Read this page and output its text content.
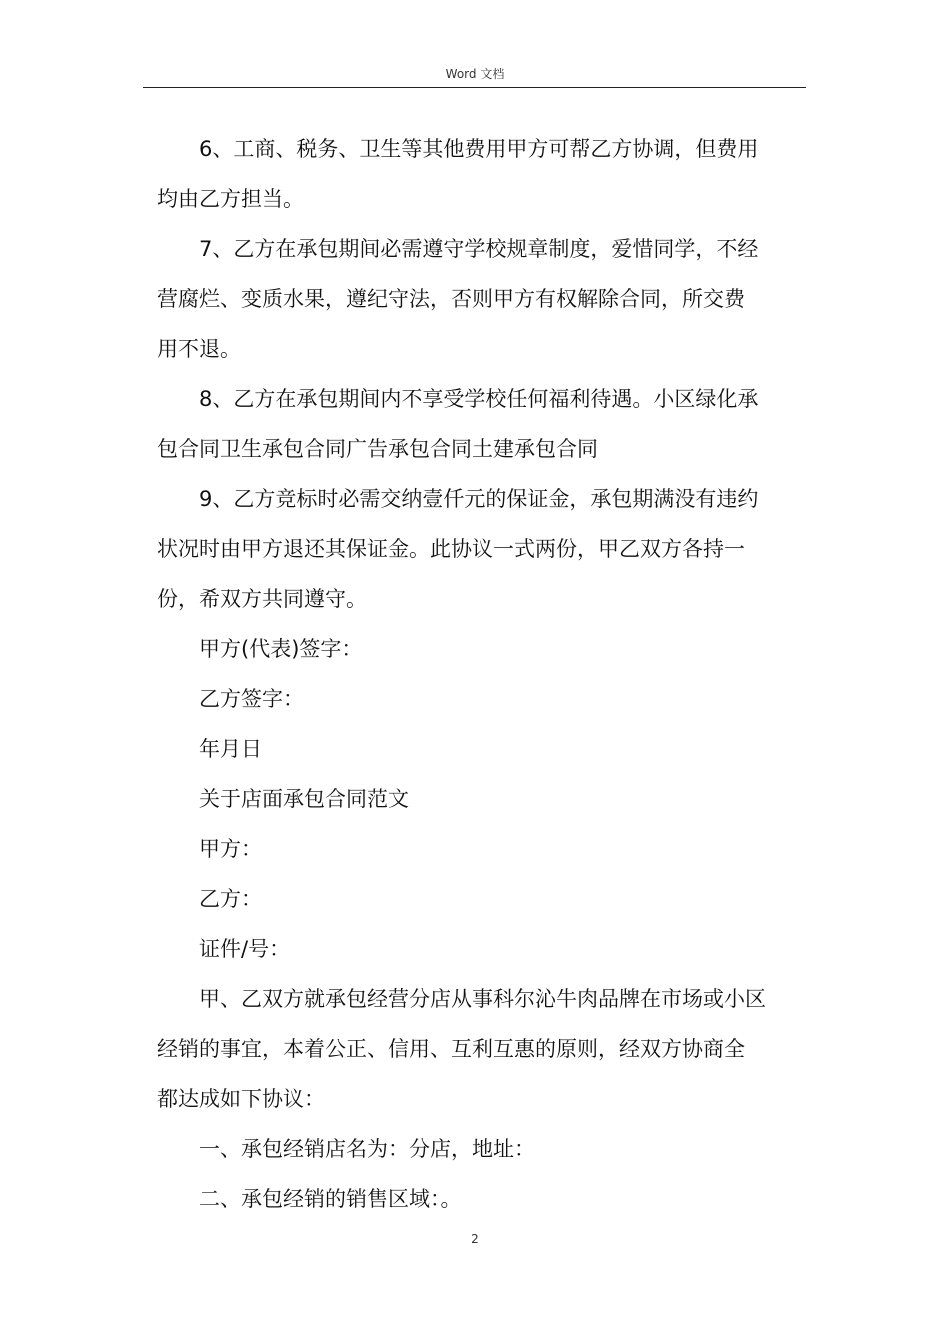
Word 文档

6、工商、税务、卫生等其他费用甲方可帮乙方协调，但费用
均由乙方担当。

7、乙方在承包期间必需遵守学校规章制度，爱惜同学，不经
营腐烂、变质水果，遵纪守法，否则甲方有权解除合同，所交费
用不退。

8、乙方在承包期间内不享受学校任何福利待遇。小区绿化承
包合同卫生承包合同广告承包合同土建承包合同

9、乙方竞标时必需交纳壹仟元的保证金，承包期满没有违约
状况时由甲方退还其保证金。此协议一式两份，甲乙双方各持一
份，希双方共同遵守。

甲方(代表)签字：

乙方签字：

年月日

关于店面承包合同范文

甲方：

乙方：

证件/号：

甲、乙双方就承包经营分店从事科尔沁牛肉品牌在市场或小区
经销的事宜，本着公正、信用、互利互惠的原则，经双方协商全
都达成如下协议：

一、承包经销店名为：分店，地址：

二、承包经销的销售区域：。

2
